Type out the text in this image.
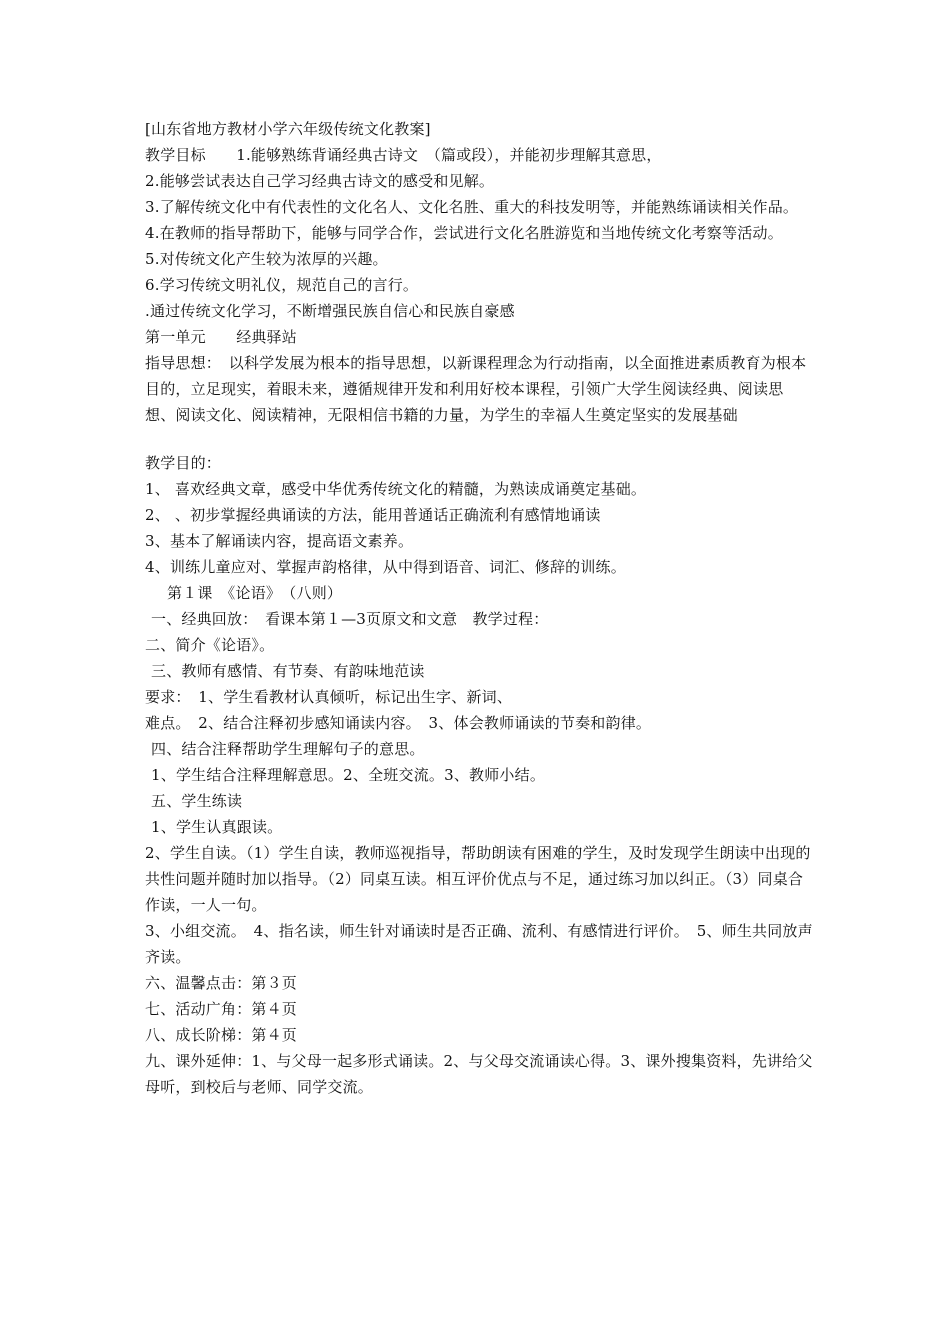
[山东省地方教材小学六年级传统文化教案]
教学目标　　1.能够熟练背诵经典古诗文　（篇或段），并能初步理解其意思，
2.能够尝试表达自己学习经典古诗文的感受和见解。
3.了解传统文化中有代表性的文化名人、文化名胜、重大的科技发明等，并能熟练诵读相关作品。
4.在教师的指导帮助下，能够与同学合作，尝试进行文化名胜游览和当地传统文化考察等活动。
5.对传统文化产生较为浓厚的兴趣。
6.学习传统文明礼仪，规范自己的言行。
.通过传统文化学习，不断增强民族自信心和民族自豪感
第一单元　　经典驿站
指导思想：　以科学发展为根本的指导思想，以新课程理念为行动指南，以全面推进素质教育为根本目的，立足现实，着眼未来，遵循规律开发和利用好校本课程，引领广大学生阅读经典、阅读思想、阅读文化、阅读精神，无限相信书籍的力量，为学生的幸福人生奠定坚实的发展基础
教学目的：
1、 喜欢经典文章，感受中华优秀传统文化的精髓，为熟读成诵奠定基础。
2、 、初步掌握经典诵读的方法，能用普通话正确流利有感情地诵读
3、基本了解诵读内容，提高语文素养。
4、训练儿童应对、掌握声韵格律，从中得到语音、词汇、修辞的训练。
第１课　《论语》　（八则）
一、经典回放：　看课本第１—3页原文和文意　教学过程：
二、简介《论语》。
三、教师有感情、有节奏、有韵味地范读
要求：　1、学生看教材认真倾听，标记出生字、新词、
难点。　2、结合注释初步感知诵读内容。　3、体会教师诵读的节奏和韵律。
四、结合注释帮助学生理解句子的意思。
1、学生结合注释理解意思。2、全班交流。3、教师小结。
五、学生练读
1、学生认真跟读。
2、学生自读。（1）学生自读，教师巡视指导，帮助朗读有困难的学生，及时发现学生朗读中出现的共性问题并随时加以指导。（2）同桌互读。相互评价优点与不足，通过练习加以纠正。（3）同桌合作读，一人一句。
3、小组交流。　4、指名读，师生针对诵读时是否正确、流利、有感情进行评价。　5、师生共同放声齐读。
六、温馨点击：第３页
七、活动广角：第４页
八、成长阶梯：第４页
九、课外延伸：1、与父母一起多形式诵读。2、与父母交流诵读心得。3、课外搜集资料，先讲给父母听，到校后与老师、同学交流。
